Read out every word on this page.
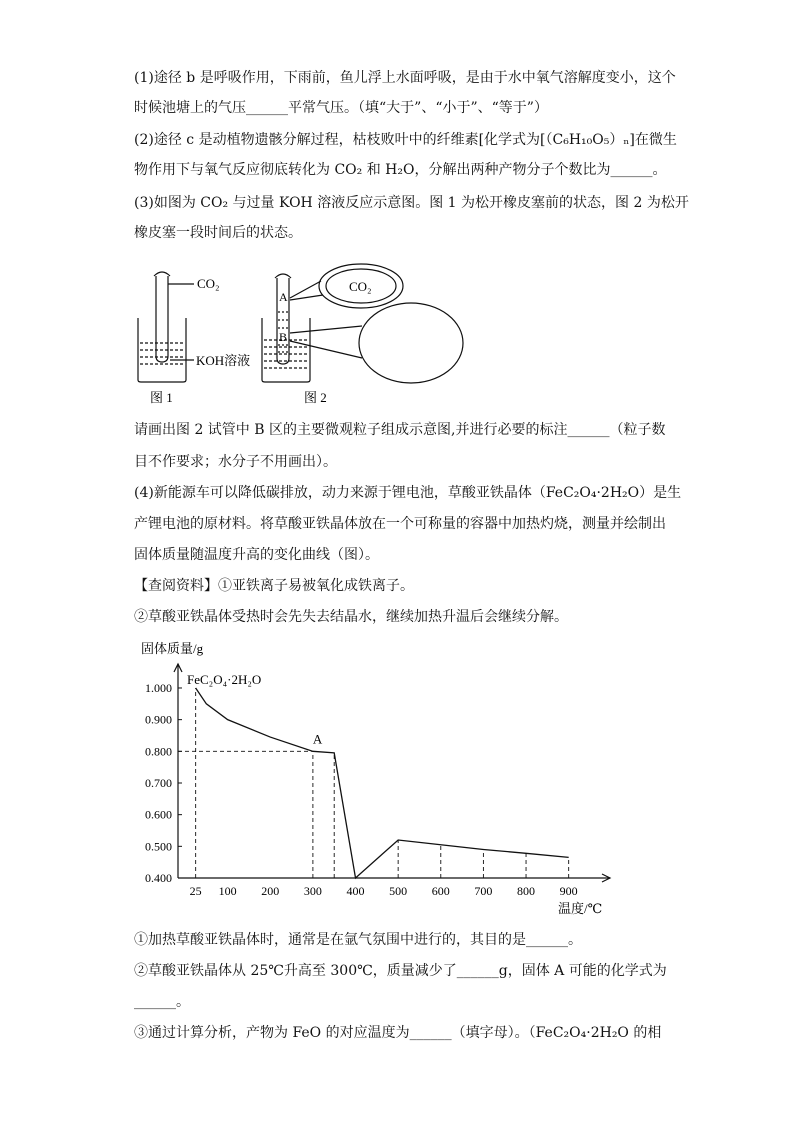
(1)途径 b 是呼吸作用，下雨前，鱼儿浮上水面呼吸，是由于水中氧气溶解度变小，这个
时候池塘上的气压______平常气压。（填“大于”、“小于”、“等于”）
(2)途径 c 是动植物遗骸分解过程，枯枝败叶中的纤维素[化学式为[（C₆H₁₀O₅）ₙ]在微生
物作用下与氧气反应彻底转化为 CO₂ 和 H₂O，分解出两种产物分子个数比为______。
(3)如图为 CO₂ 与过量 KOH 溶液反应示意图。图 1 为松开橡皮塞前的状态，图 2 为松开
橡皮塞一段时间后的状态。
CO₂
KOH溶液
图 1
A
B
CO₂
图 2
请画出图 2 试管中 B 区的主要微观粒子组成示意图,并进行必要的标注______（粒子数
目不作要求；水分子不用画出）。
(4)新能源车可以降低碳排放，动力来源于锂电池，草酸亚铁晶体（FeC₂O₄·2H₂O）是生
产锂电池的原材料。将草酸亚铁晶体放在一个可称量的容器中加热灼烧，测量并绘制出
固体质量随温度升高的变化曲线（图）。
【查阅资料】①亚铁离子易被氧化成铁离子。
②草酸亚铁晶体受热时会先失去结晶水，继续加热升温后会继续分解。
25 100 200 300 400 500 600 700 800 900
0.400
0.500
0.600
0.700
0.800
0.900
1.000
固体质量/g
温度/℃
FeC₂O₄·2H₂O
A
①加热草酸亚铁晶体时，通常是在氩气氛围中进行的，其目的是______。
②草酸亚铁晶体从 25℃升高至 300℃，质量减少了______g，固体 A 可能的化学式为
______。
③通过计算分析，产物为 FeO 的对应温度为______（填字母）。（FeC₂O₄·2H₂O 的相
